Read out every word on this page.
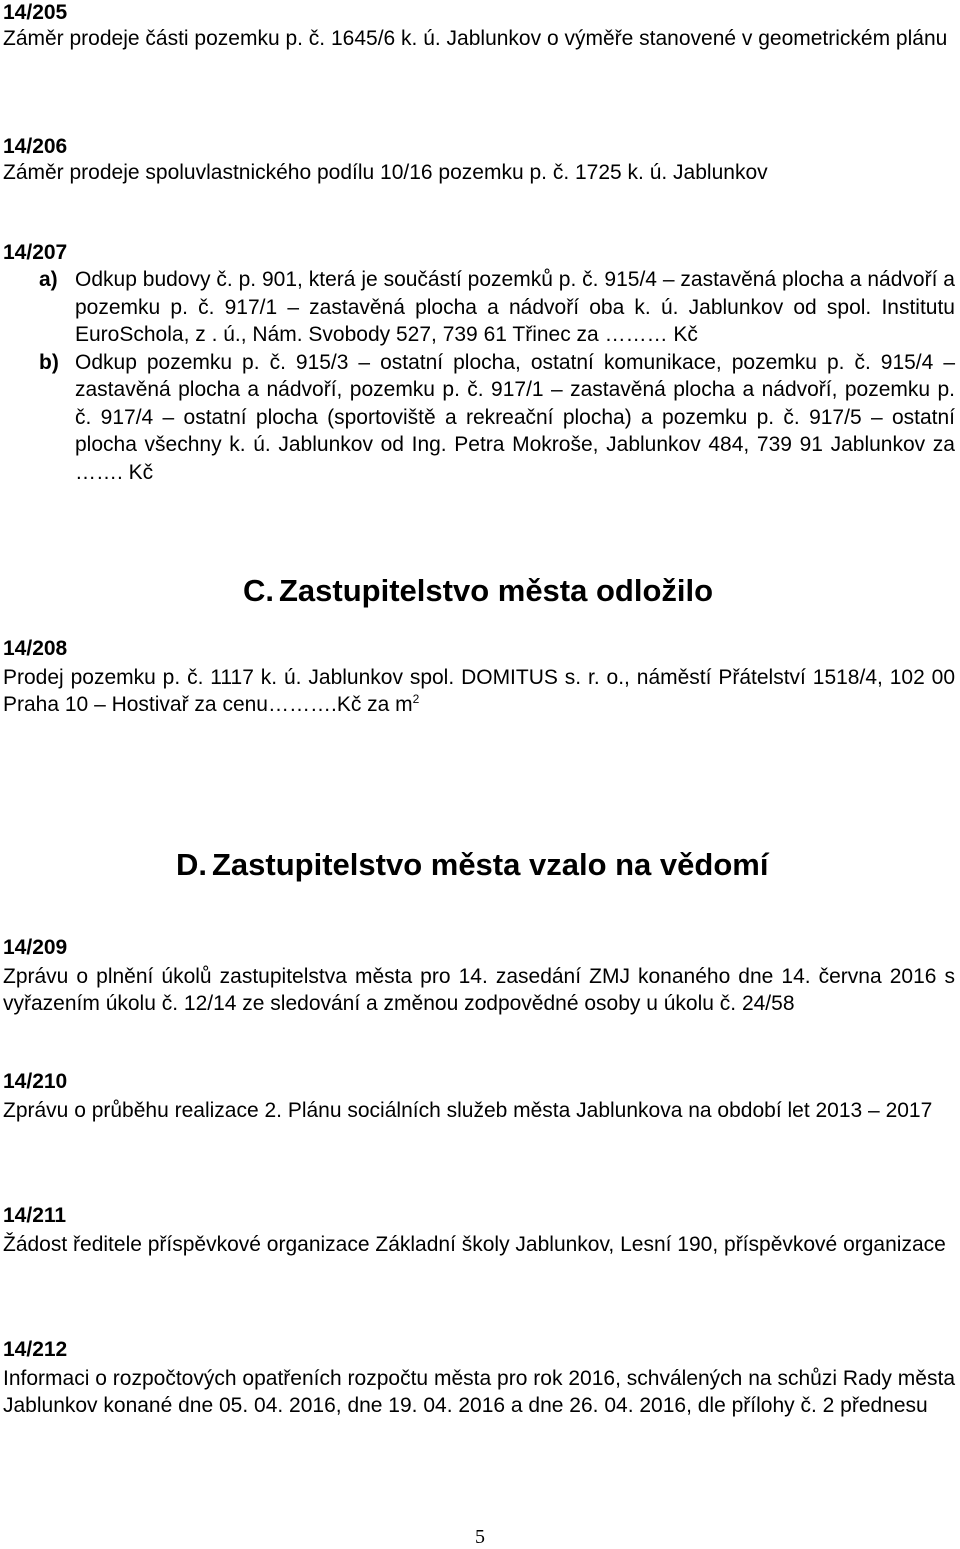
14/205
Záměr prodeje části pozemku p. č. 1645/6 k. ú. Jablunkov o výměře stanovené v geometrickém plánu
14/206
Záměr prodeje spoluvlastnického podílu 10/16 pozemku p. č. 1725 k. ú. Jablunkov
14/207
a) Odkup budovy č. p. 901, která je součástí pozemků p. č. 915/4 – zastavěná plocha a nádvoří a pozemku p. č. 917/1 – zastavěná plocha a nádvoří oba k. ú. Jablunkov od spol. Institutu EuroSchola, z . ú., Nám. Svobody 527, 739 61 Třinec za ……… Kč
b) Odkup pozemku p. č. 915/3 – ostatní plocha, ostatní komunikace, pozemku p. č. 915/4 – zastavěná plocha a nádvoří, pozemku p. č. 917/1 – zastavěná plocha a nádvoří, pozemku p. č. 917/4 – ostatní plocha (sportoviště a rekreační plocha) a pozemku p. č. 917/5 – ostatní plocha všechny k. ú. Jablunkov od Ing. Petra Mokroše, Jablunkov 484, 739 91 Jablunkov za ……. Kč
C. Zastupitelstvo města odložilo
14/208
Prodej pozemku p. č. 1117 k. ú. Jablunkov spol. DOMITUS s. r. o., náměstí Přátelství 1518/4, 102 00 Praha 10 – Hostivař za cenu……….Kč za $m^2$
D. Zastupitelstvo města vzalo na vědomí
14/209
Zprávu o plnění úkolů zastupitelstva města pro 14. zasedání ZMJ konaného dne 14. června 2016 s vyřazením úkolu č. 12/14 ze sledování a změnou zodpovědné osoby u úkolu č. 24/58
14/210
Zprávu o průběhu realizace 2. Plánu sociálních služeb města Jablunkova na období let 2013 – 2017
14/211
Žádost ředitele příspěvkové organizace Základní školy Jablunkov, Lesní 190, příspěvkové organizace
14/212
Informaci o rozpočtových opatřeních rozpočtu města pro rok 2016, schválených na schůzi Rady města Jablunkov konané dne 05. 04. 2016, dne 19. 04. 2016 a dne 26. 04. 2016, dle přílohy č. 2 přednesu
5
